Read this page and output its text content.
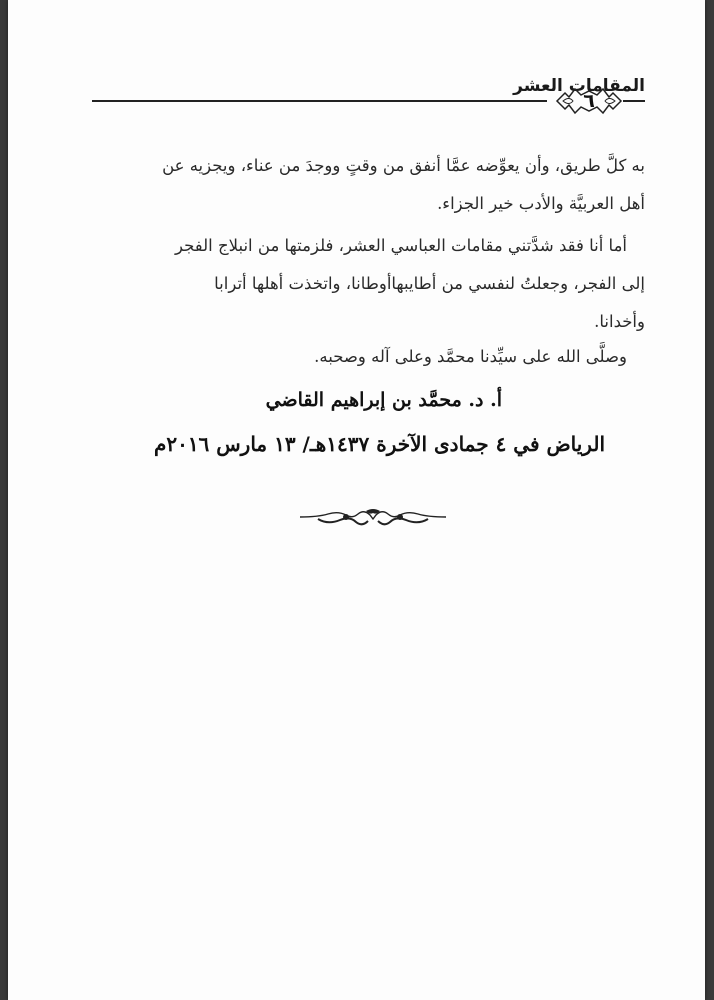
المقامات العشر
٦
به كلَّ طريق، وأن يعوِّضه عمَّا أنفق من وقتٍ ووجدَ من عناء، ويجزيه عن
أهل العربيَّة والأدب خير الجزاء.
أما أنا فقد شدَّتني مقامات العباسي العشر، فلزمتها من انبلاج الفجر
إلى الفجر، وجعلتُ لنفسي من أطايبهاأوطانا، واتخذت أهلها أترابا
وأخدانا.
وصلَّى الله على سيِّدنا محمَّد وعلى آله وصحبه.
أ. د. محمَّد بن إبراهيم القاضي
الرياض في ٤ جمادى الآخرة ١٤٣٧هـ/ ١٣ مارس ٢٠١٦م
